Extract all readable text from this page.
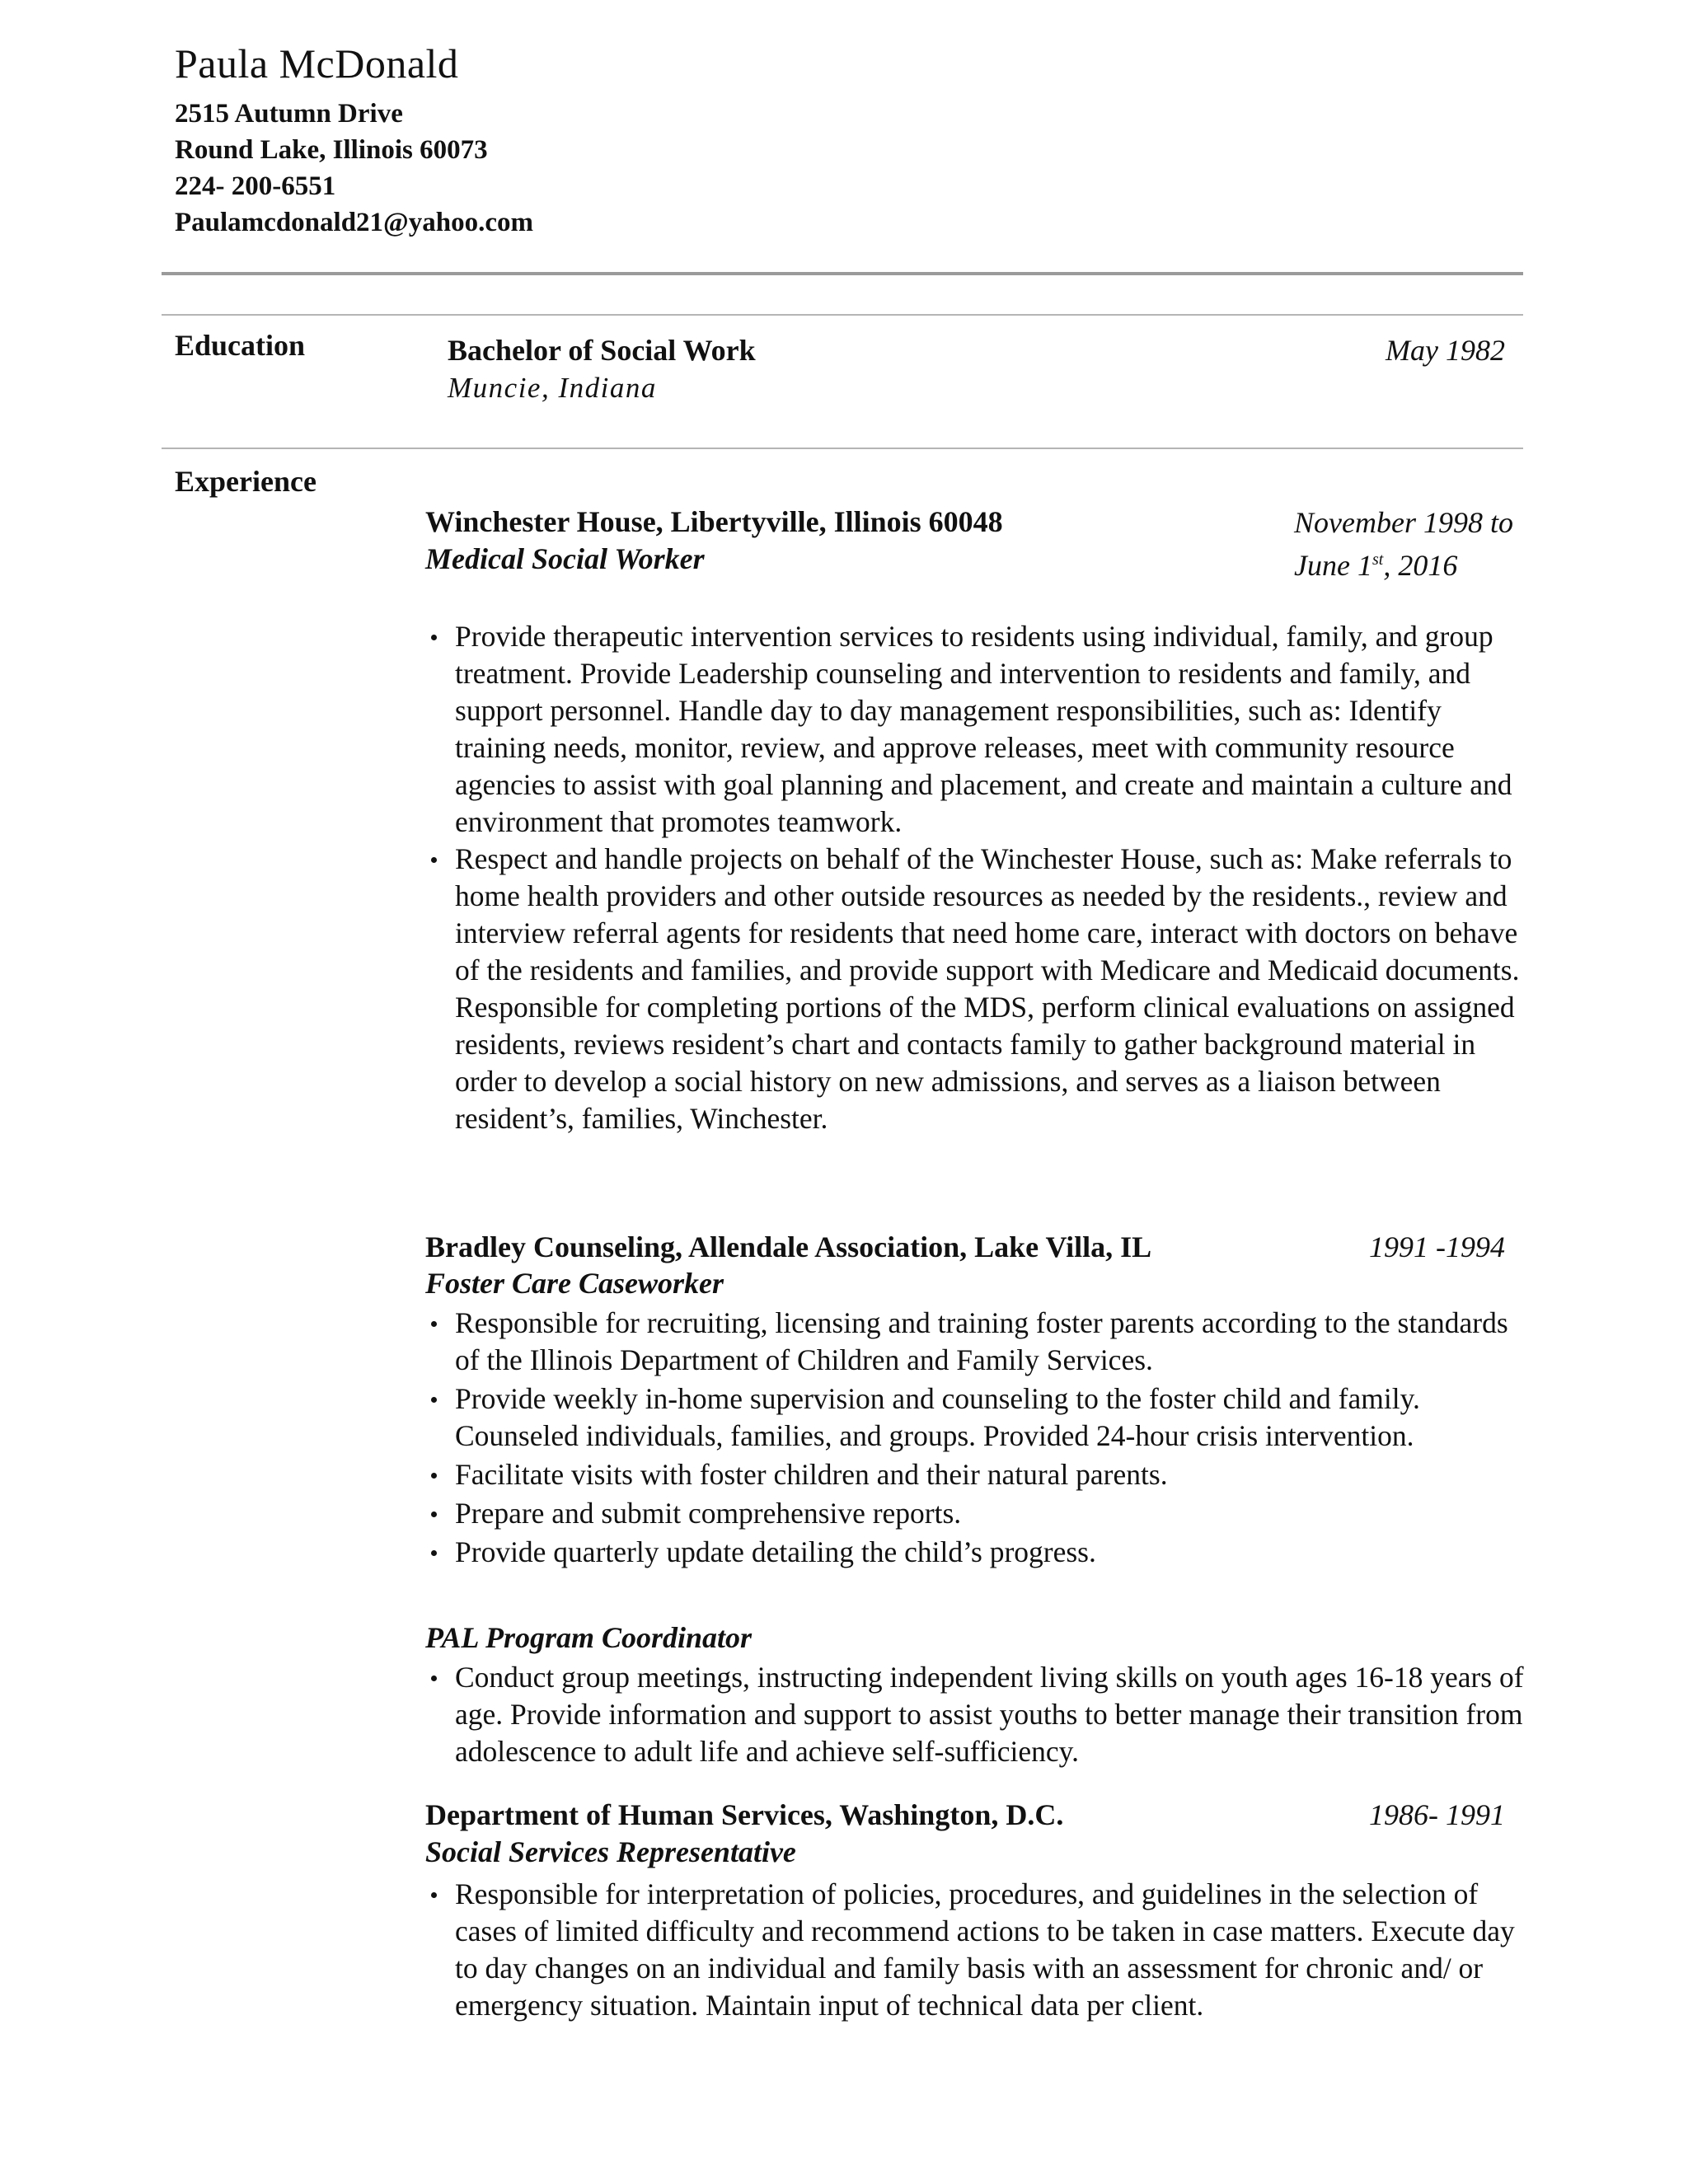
Paula McDonald
2515 Autumn Drive
Round Lake, Illinois 60073
224- 200-6551
Paulamcdonald21@yahoo.com
Education	Bachelor of Social Work
Muncie, Indiana
May 1982
Experience
Winchester House, Libertyville, Illinois 60048
Medical Social Worker
November 1998 to
June 1st, 2016
Provide therapeutic intervention services to residents using individual, family, and group treatment. Provide Leadership counseling and intervention to residents and family, and support personnel. Handle day to day management responsibilities, such as: Identify training needs, monitor, review, and approve releases, meet with community resource agencies to assist with goal planning and placement, and create and maintain a culture and environment that promotes teamwork.
Respect and handle projects on behalf of the Winchester House, such as: Make referrals to home health providers and other outside resources as needed by the residents., review and interview referral agents for residents that need home care, interact with doctors on behave of the residents and families, and provide support with Medicare and Medicaid documents. Responsible for completing portions of the MDS, perform clinical evaluations on assigned residents, reviews resident’s chart and contacts family to gather background material in order to develop a social history on new admissions, and serves as a liaison between resident’s, families, Winchester.
Bradley Counseling, Allendale Association, Lake Villa, IL
Foster Care Caseworker
1991 -1994
Responsible for recruiting, licensing and training foster parents according to the standards of the Illinois Department of Children and Family Services.
Provide weekly in-home supervision and counseling to the foster child and family. Counseled individuals, families, and groups. Provided 24-hour crisis intervention.
Facilitate visits with foster children and their natural parents.
Prepare and submit comprehensive reports.
Provide quarterly update detailing the child’s progress.
PAL Program Coordinator
Conduct group meetings, instructing independent living skills on youth ages 16-18 years of age. Provide information and support to assist youths to better manage their transition from adolescence to adult life and achieve self-sufficiency.
Department of Human Services, Washington, D.C.
Social Services Representative
1986- 1991
Responsible for interpretation of policies, procedures, and guidelines in the selection of cases of limited difficulty and recommend actions to be taken in case matters. Execute day to day changes on an individual and family basis with an assessment for chronic and/ or emergency situation. Maintain input of technical data per client.
